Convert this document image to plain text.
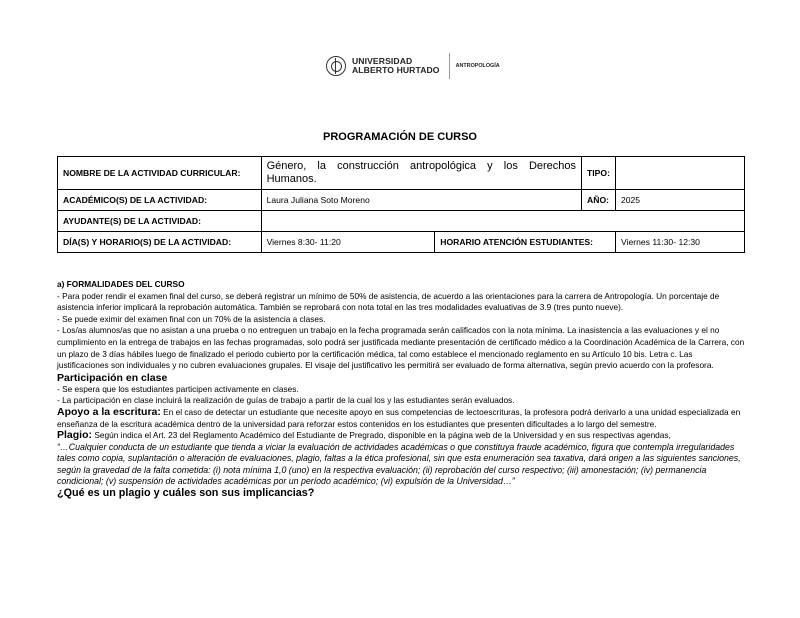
UNIVERSIDAD
ALBERTO HURTADO	ANTROPOLOGÍA
PROGRAMACIÓN DE CURSO
NOMBRE DE LA ACTIVIDAD CURRICULAR:	Género, la construcción antropológica y los Derechos Humanos.		TIPO:	
ACADÉMICO(S) DE LA ACTIVIDAD:	Laura Juliana Soto Moreno		AÑO:	2025
AYUDANTE(S) DE LA ACTIVIDAD:				
DÍA(S) Y HORARIO(S) DE LA ACTIVIDAD:	Viernes 8:30- 11:20	HORARIO ATENCIÓN ESTUDIANTES:		Viernes 11:30- 12:30

a) FORMALIDADES DEL CURSO

- Para poder rendir el examen final del curso, se deberá registrar un mínimo de 50% de asistencia, de acuerdo a las orientaciones para la carrera de Antropología. Un porcentaje de asistencia inferior implicará la reprobación automática. También se reprobará con nota total en las tres modalidades evaluativas de 3.9 (tres punto nueve).

- Se puede eximir del examen final con un 70% de la asistencia a clases.

- Los/as alumnos/as que no asistan a una prueba o no entreguen un trabajo en la fecha programada serán calificados con la nota mínima. La inasistencia a las evaluaciones y el no cumplimiento en la entrega de trabajos en las fechas programadas, solo podrá ser justificada mediante presentación de certificado médico a la Coordinación Académica de la Carrera, con un plazo de 3 días hábiles luego de finalizado el periodo cubierto por la certificación médica, tal como establece el mencionado reglamento en su Artículo 10 bis. Letra c. Las justificaciones son individuales y no cubren evaluaciones grupales. El visaje del justificativo les permitirá ser evaluado de forma alternativa, según previo acuerdo con la profesora.

Participación en clase

- Se espera que los estudiantes participen activamente en clases.

- La participación en clase incluirá la realización de guías de trabajo a partir de la cual los y las estudiantes serán evaluados.

Apoyo a la escritura: En el caso de detectar un estudiante que necesite apoyo en sus competencias de lectoescrituras, la profesora podrá derivarlo a una unidad especializada en enseñanza de la escritura académica dentro de la universidad para reforzar estos contenidos en los estudiantes que presenten dificultades a lo largo del semestre.

Plagio: Según indica el Art. 23 del Reglamento Académico del Estudiante de Pregrado, disponible en la página web de la Universidad y en sus respectivas agendas,

“…Cualquier conducta de un estudiante que tienda a viciar la evaluación de actividades académicas o que constituya fraude académico, figura que contempla irregularidades tales como copia, suplantación o alteración de evaluaciones, plagio, faltas a la ética profesional, sin que esta enumeración sea taxativa, dará origen a las siguientes sanciones, según la gravedad de la falta cometida: (i) nota mínima 1,0 (uno) en la respectiva evaluación; (ii) reprobación del curso respectivo; (iii) amonestación; (iv) permanencia condicional; (v) suspensión de actividades académicas por un período académico; (vi) expulsión de la Universidad…”

¿Qué es un plagio y cuáles son sus implicancias?
